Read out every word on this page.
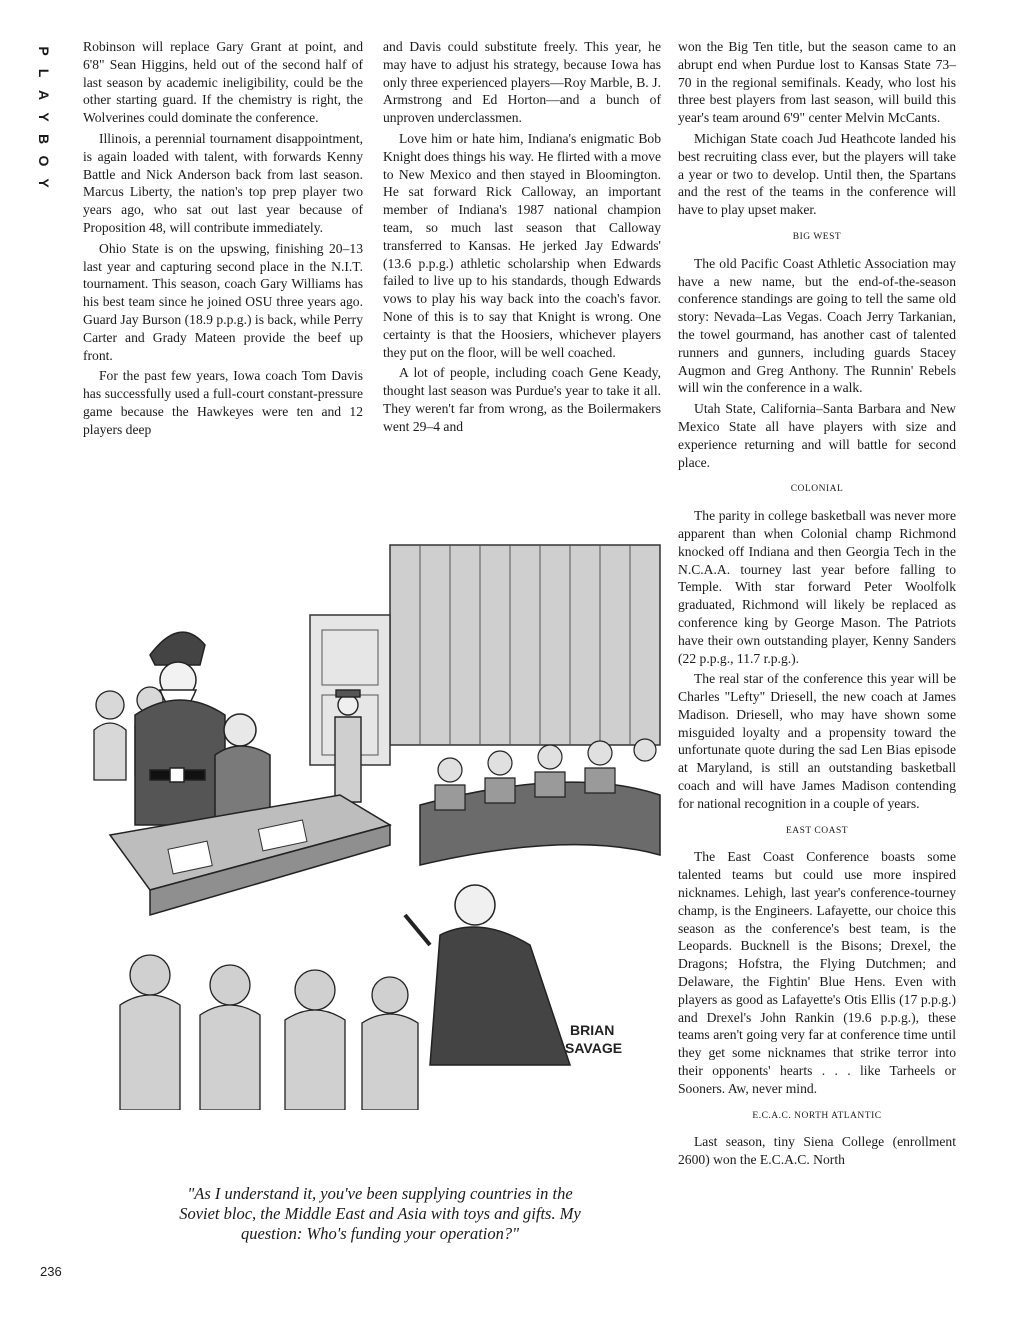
P
L
A
Y
B
O
Y

Robinson will replace Gary Grant at point, and 6'8" Sean Higgins, held out of the second half of last season by academic ineligibility, could be the other starting guard. If the chemistry is right, the Wolverines could dominate the conference.

Illinois, a perennial tournament disappointment, is again loaded with talent, with forwards Kenny Battle and Nick Anderson back from last season. Marcus Liberty, the nation's top prep player two years ago, who sat out last year because of Proposition 48, will contribute immediately.

Ohio State is on the upswing, finishing 20–13 last year and capturing second place in the N.I.T. tournament. This season, coach Gary Williams has his best team since he joined OSU three years ago. Guard Jay Burson (18.9 p.p.g.) is back, while Perry Carter and Grady Mateen provide the beef up front.

For the past few years, Iowa coach Tom Davis has successfully used a full-court constant-pressure game because the Hawkeyes were ten and 12 players deep

and Davis could substitute freely. This year, he may have to adjust his strategy, because Iowa has only three experienced players—Roy Marble, B. J. Armstrong and Ed Horton—and a bunch of unproven underclassmen.

Love him or hate him, Indiana's enigmatic Bob Knight does things his way. He flirted with a move to New Mexico and then stayed in Bloomington. He sat forward Rick Calloway, an important member of Indiana's 1987 national champion team, so much last season that Calloway transferred to Kansas. He jerked Jay Edwards' (13.6 p.p.g.) athletic scholarship when Edwards failed to live up to his standards, though Edwards vows to play his way back into the coach's favor. None of this is to say that Knight is wrong. One certainty is that the Hoosiers, whichever players they put on the floor, will be well coached.

A lot of people, including coach Gene Keady, thought last season was Purdue's year to take it all. They weren't far from wrong, as the Boilermakers went 29–4 and

won the Big Ten title, but the season came to an abrupt end when Purdue lost to Kansas State 73–70 in the regional semifinals. Keady, who lost his three best players from last season, will build this year's team around 6'9" center Melvin McCants.

Michigan State coach Jud Heathcote landed his best recruiting class ever, but the players will take a year or two to develop. Until then, the Spartans and the rest of the teams in the conference will have to play upset maker.

BIG WEST

The old Pacific Coast Athletic Association may have a new name, but the end-of-the-season conference standings are going to tell the same old story: Nevada–Las Vegas. Coach Jerry Tarkanian, the towel gourmand, has another cast of talented runners and gunners, including guards Stacey Augmon and Greg Anthony. The Runnin' Rebels will win the conference in a walk.

Utah State, California–Santa Barbara and New Mexico State all have players with size and experience returning and will battle for second place.

COLONIAL

The parity in college basketball was never more apparent than when Colonial champ Richmond knocked off Indiana and then Georgia Tech in the N.C.A.A. tourney last year before falling to Temple. With star forward Peter Woolfolk graduated, Richmond will likely be replaced as conference king by George Mason. The Patriots have their own outstanding player, Kenny Sanders (22 p.p.g., 11.7 r.p.g.).

The real star of the conference this year will be Charles "Lefty" Driesell, the new coach at James Madison. Driesell, who may have shown some misguided loyalty and a propensity toward the unfortunate quote during the sad Len Bias episode at Maryland, is still an outstanding basketball coach and will have James Madison contending for national recognition in a couple of years.

EAST COAST

The East Coast Conference boasts some talented teams but could use more inspired nicknames. Lehigh, last year's conference-tourney champ, is the Engineers. Lafayette, our choice this season as the conference's best team, is the Leopards. Bucknell is the Bisons; Drexel, the Dragons; Hofstra, the Flying Dutchmen; and Delaware, the Fightin' Blue Hens. Even with players as good as Lafayette's Otis Ellis (17 p.p.g.) and Drexel's John Rankin (19.6 p.p.g.), these teams aren't going very far at conference time until they get some nicknames that strike terror into their opponents' hearts . . . like Tarheels or Sooners. Aw, never mind.

E.C.A.C. NORTH ATLANTIC

Last season, tiny Siena College (enrollment 2600) won the E.C.A.C. North

BRIAN
SAVAGE
"As I understand it, you've been supplying countries in the Soviet bloc, the Middle East and Asia with toys and gifts. My question: Who's funding your operation?"
236
